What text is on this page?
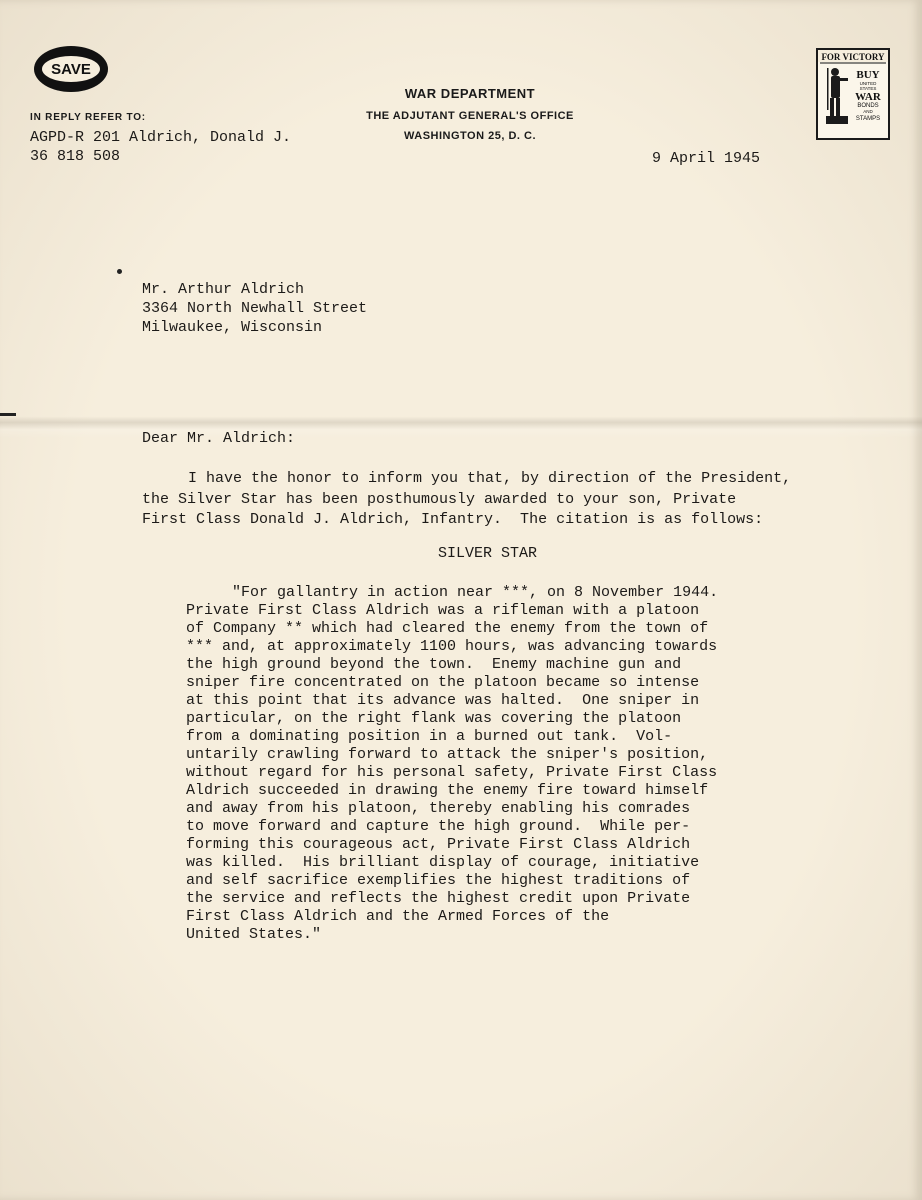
SAVE
FOR VICTORY
BUY
UNITED
STATES
WAR
BONDS
AND
STAMPS
WAR DEPARTMENT
THE ADJUTANT GENERAL'S OFFICE
WASHINGTON 25, D. C.
IN REPLY REFER TO:
AGPD-R 201 Aldrich, Donald J.
36 818 508	9 April 1945
Mr. Arthur Aldrich
3364 North Newhall Street
Milwaukee, Wisconsin
Dear Mr. Aldrich:
I have the honor to inform you that, by direction of the President,
the Silver Star has been posthumously awarded to your son, Private
First Class Donald J. Aldrich, Infantry.  The citation is as follows:
SILVER STAR
"For gallantry in action near ***, on 8 November 1944.
Private First Class Aldrich was a rifleman with a platoon
of Company ** which had cleared the enemy from the town of
*** and, at approximately 1100 hours, was advancing towards
the high ground beyond the town.  Enemy machine gun and
sniper fire concentrated on the platoon became so intense
at this point that its advance was halted.  One sniper in
particular, on the right flank was covering the platoon
from a dominating position in a burned out tank.  Vol-
untarily crawling forward to attack the sniper's position,
without regard for his personal safety, Private First Class
Aldrich succeeded in drawing the enemy fire toward himself
and away from his platoon, thereby enabling his comrades
to move forward and capture the high ground.  While per-
forming this courageous act, Private First Class Aldrich
was killed.  His brilliant display of courage, initiative
and self sacrifice exemplifies the highest traditions of
the service and reflects the highest credit upon Private
First Class Aldrich and the Armed Forces of the
United States."
